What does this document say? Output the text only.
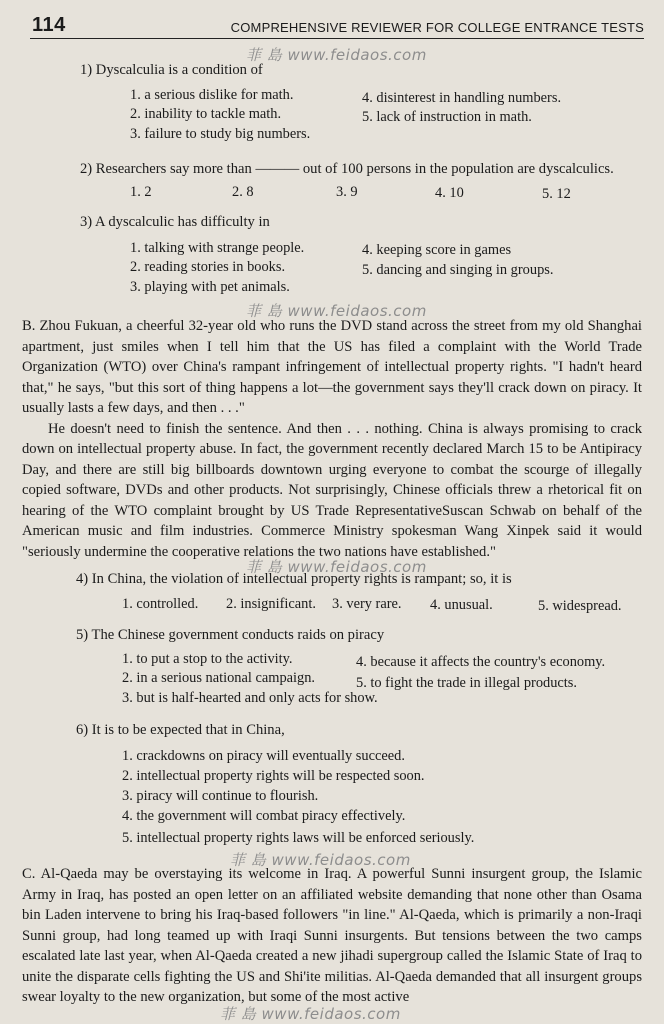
114	COMPREHENSIVE REVIEWER FOR COLLEGE ENTRANCE TESTS
菲 島 www.feidaos.com
1) Dyscalculia is a condition of
1. a serious dislike for math.	4. disinterest in handling numbers.
2. inability to tackle math.	5. lack of instruction in math.
3. failure to study big numbers.
2) Researchers say more than ——— out of 100 persons in the population are dyscalculics.
1. 2	2. 8	3. 9	4. 10	5. 12
3) A dyscalculic has difficulty in
1. talking with strange people.	4. keeping score in games
2. reading stories in books.	5. dancing and singing in groups.
3. playing with pet animals.
菲 島 www.feidaos.com

B. Zhou Fukuan, a cheerful 32-year old who runs the DVD stand across the street from my old Shanghai apartment, just smiles when I tell him that the US has filed a complaint with the World Trade Organization (WTO) over China's rampant infringement of intellectual property rights. "I hadn't heard that," he says, "but this sort of thing happens a lot—the government says they'll crack down on piracy. It usually lasts a few days, and then . . ."

He doesn't need to finish the sentence. And then . . . nothing. China is always promising to crack down on intellectual property abuse. In fact, the government recently declared March 15 to be Antipiracy Day, and there are still big billboards downtown urging everyone to combat the scourge of illegally copied software, DVDs and other products. Not surprisingly, Chinese officials threw a rhetorical fit on hearing of the WTO complaint brought by US Trade RepresentativeSuscan Schwab on behalf of the American music and film industries. Commerce Ministry spokesman Wang Xinpek said it would "seriously undermine the cooperative relations the two nations have established."

菲 島 www.feidaos.com
4) In China, the violation of intellectual property rights is rampant; so, it is
1. controlled. 2. insignificant. 3. very rare. 4. unusual.	5. widespread.
5) The Chinese government conducts raids on piracy
1. to put a stop to the activity.	4. because it affects the country's economy.
2. in a serious national campaign.	5. to fight the trade in illegal products.
3. but is half-hearted and only acts for show.
6) It is to be expected that in China,
1. crackdowns on piracy will eventually succeed.
2. intellectual property rights will be respected soon.
3. piracy will continue to flourish.
4. the government will combat piracy effectively.
5. intellectual property rights laws will be enforced seriously.
菲 島 www.feidaos.com

C. Al-Qaeda may be overstaying its welcome in Iraq. A powerful Sunni insurgent group, the Islamic Army in Iraq, has posted an open letter on an affiliated website demanding that none other than Osama bin Laden intervene to bring his Iraq-based followers "in line." Al-Qaeda, which is primarily a non-Iraqi Sunni group, had long teamed up with Iraqi Sunni insurgents. But tensions between the two camps escalated late last year, when Al-Qaeda created a new jihadi supergroup called the Islamic State of Iraq to unite the disparate cells fighting the US and Shi'ite militias. Al-Qaeda demanded that all insurgent groups swear loyalty to the new organization, but some of the most active

菲 島 www.feidaos.com
